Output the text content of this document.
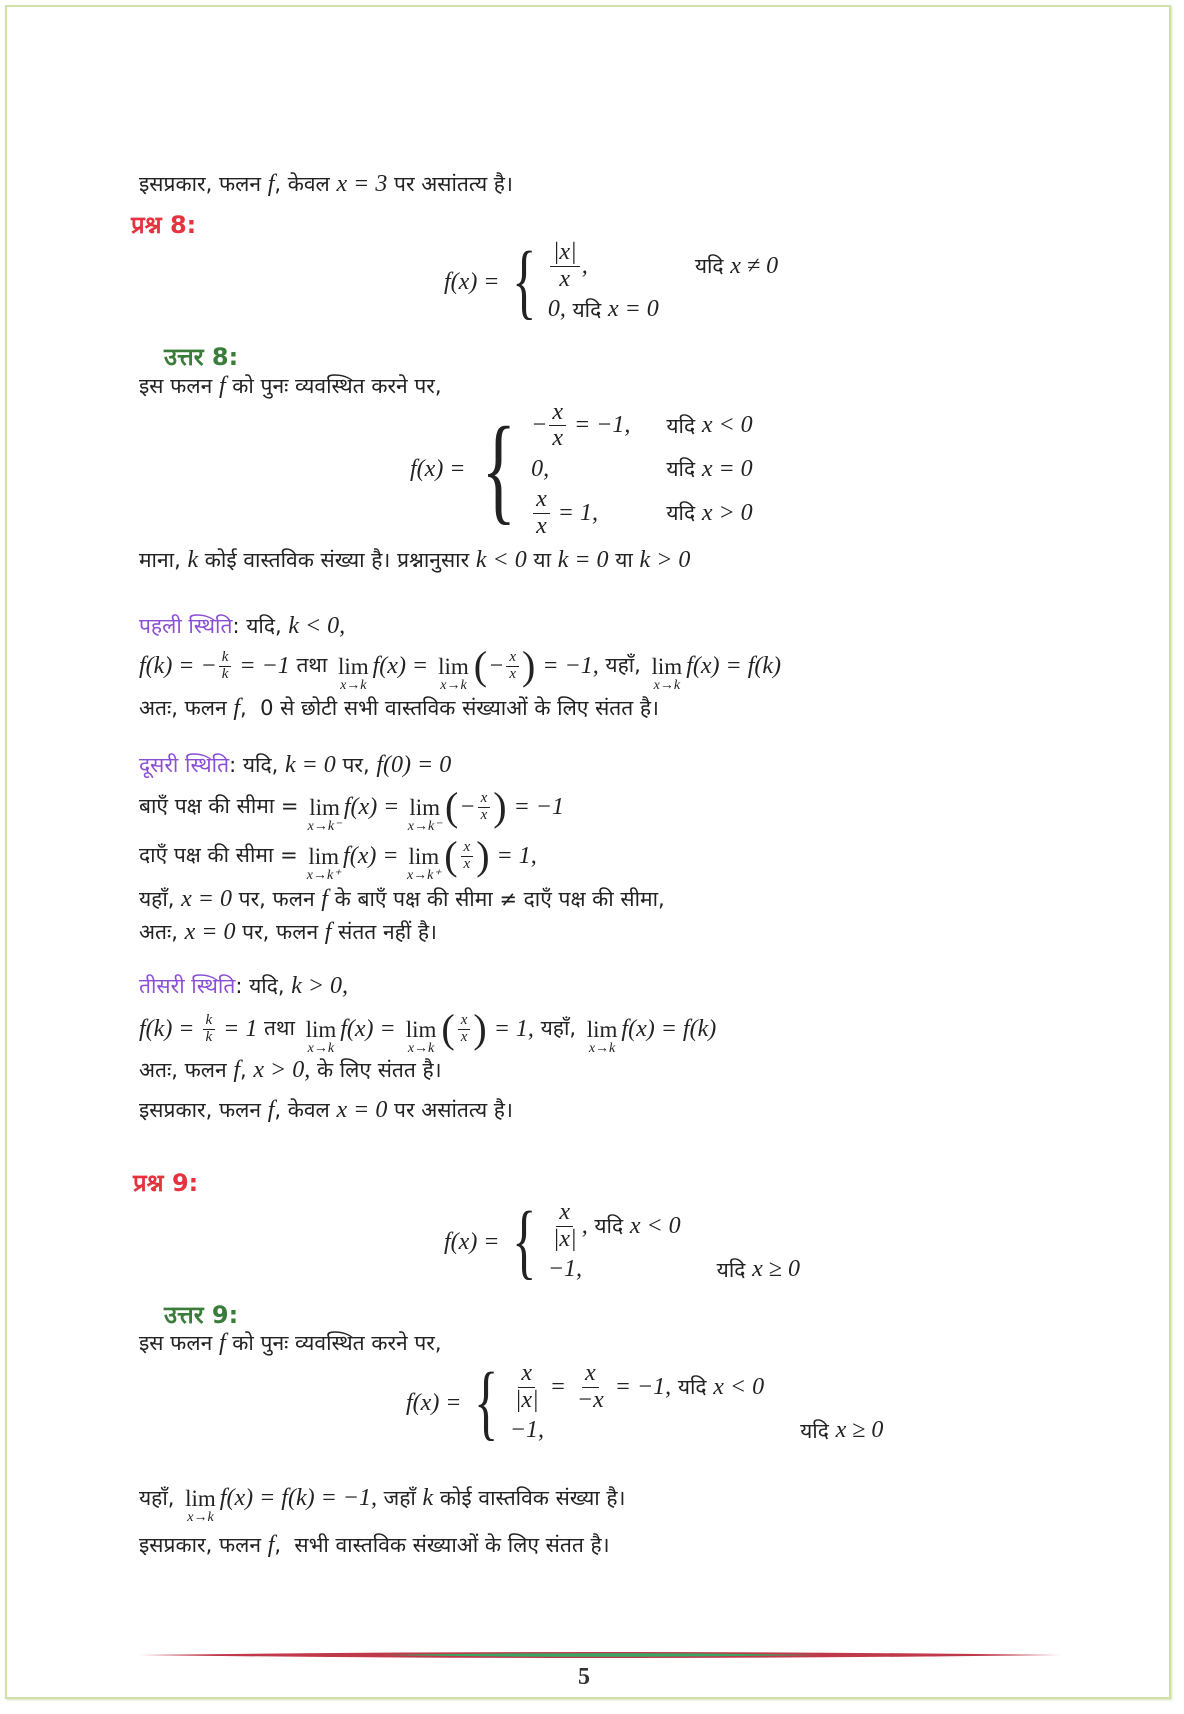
इसप्रकार, फलन f , केवल x = 3 पर असांतत्य है।
प्रश्न 8:
f(x) = { $\frac{|x|}{x}$ ,	यदि x ≠ 0
0, यदि x = 0
उत्तर 8:
इस फलन f को पुनः व्यवस्थित करने पर,
f(x) = { − $\frac{x}{x} = -1$, यदि x < 0
0,	यदि x = 0
$\frac{x}{x} = 1$,	यदि x > 0
माना, k कोई वास्तविक संख्या है। प्रश्नानुसार k < 0 या k = 0 या k > 0
पहली स्थिति : यदि, k < 0,
f(k) = − $\frac{k}{k} = -1$ तथा lim
x→k
f(x) = lim
x→k ( − $\frac{x}{x}$ ) = −1, यहाँ, lim
x→k
f(x) = f(k)
अतः, फलन f ,  0 से छोटी सभी वास्तविक संख्याओं के लिए संतत है।
दूसरी स्थिति : यदि, k = 0 पर, f(0) = 0
बाएँ पक्ष की सीमा = lim
x→k⁻
f(x) = lim
x→k⁻ ( − $\frac{x}{x}$ ) = −1
दाएँ पक्ष की सीमा = lim
x→k⁺
f(x) = lim
x→k⁺ ( $\frac{x}{x}$ ) = 1,
यहाँ, x = 0 पर, फलन f के बाएँ पक्ष की सीमा ≠ दाएँ पक्ष की सीमा,
अतः, x = 0 पर, फलन f संतत नहीं है।
तीसरी स्थिति : यदि, k > 0,
$f(k) = \frac{k}{k} = 1$ तथा lim
x→k
f(x) = lim
x→k ( $\frac{x}{x}$ ) = 1, यहाँ, lim
x→k
f(x) = f(k)
अतः, फलन f , x > 0, के लिए संतत है।
इसप्रकार, फलन f , केवल x = 0 पर असांतत्य है।
प्रश्न 9:
f(x) = { $\frac{x}{|x|}$ , यदि x < 0
−1,	यदि x ≥ 0
उत्तर 9:
इस फलन f को पुनः व्यवस्थित करने पर,
f(x) = { $\frac{x}{|x|} = \frac{x}{-x} = -1$, यदि x < 0
−1,	यदि x ≥ 0
यहाँ, lim
x→k
f(x) = f(k) = −1, जहाँ k कोई वास्तविक संख्या है।
इसप्रकार, फलन f ,  सभी वास्तविक संख्याओं के लिए संतत है।
5
